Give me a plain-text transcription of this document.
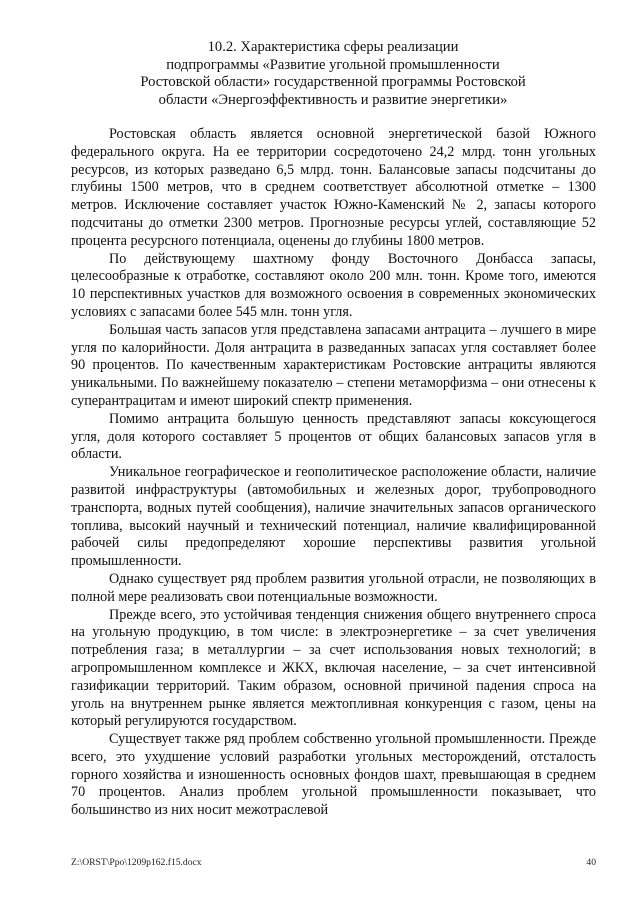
10.2. Характеристика сферы реализации
подпрограммы «Развитие угольной промышленности
Ростовской области» государственной программы Ростовской
области «Энергоэффективность и развитие энергетики»

Ростовская область является основной энергетической базой Южного федерального округа. На ее территории сосредоточено 24,2 млрд. тонн угольных ресурсов, из которых разведано 6,5 млрд. тонн. Балансовые запасы подсчитаны до глубины 1500 метров, что в среднем соответствует абсолютной отметке – 1300 метров. Исключение составляет участок Южно-Каменский № 2, запасы которого подсчитаны до отметки 2300 метров. Прогнозные ресурсы углей, составляющие 52 процента ресурсного потенциала, оценены до глубины 1800 метров.

По действующему шахтному фонду Восточного Донбасса запасы, целесообразные к отработке, составляют около 200 млн. тонн. Кроме того, имеются 10 перспективных участков для возможного освоения в современных экономических условиях с запасами более 545 млн. тонн угля.

Большая часть запасов угля представлена запасами антрацита – лучшего в мире угля по калорийности. Доля антрацита в разведанных запасах угля составляет более 90 процентов. По качественным характеристикам Ростовские антрациты являются уникальными. По важнейшему показателю – степени метаморфизма – они отнесены к суперантрацитам и имеют широкий спектр применения.

Помимо антрацита большую ценность представляют запасы коксующегося угля, доля которого составляет 5 процентов от общих балансовых запасов угля в области.

Уникальное географическое и геополитическое расположение области, наличие развитой инфраструктуры (автомобильных и железных дорог, трубопроводного транспорта, водных путей сообщения), наличие значительных запасов органического топлива, высокий научный и технический потенциал, наличие квалифицированной рабочей силы предопределяют хорошие перспективы развития угольной промышленности.

Однако существует ряд проблем развития угольной отрасли, не позволяющих в полной мере реализовать свои потенциальные возможности.

Прежде всего, это устойчивая тенденция снижения общего внутреннего спроса на угольную продукцию, в том числе: в электроэнергетике – за счет увеличения потребления газа; в металлургии – за счет использования новых технологий; в агропромышленном комплексе и ЖКХ, включая население, – за счет интенсивной газификации территорий. Таким образом, основной причиной падения спроса на уголь на внутреннем рынке является межтопливная конкуренция с газом, цены на который регулируются государством.

Существует также ряд проблем собственно угольной промышленности. Прежде всего, это ухудшение условий разработки угольных месторождений, отсталость горного хозяйства и изношенность основных фондов шахт, превышающая в среднем 70 процентов. Анализ проблем угольной промышленности показывает, что большинство из них носит межотраслевой

Z:\ORST\Ppo\1209p162.f15.docx	40
